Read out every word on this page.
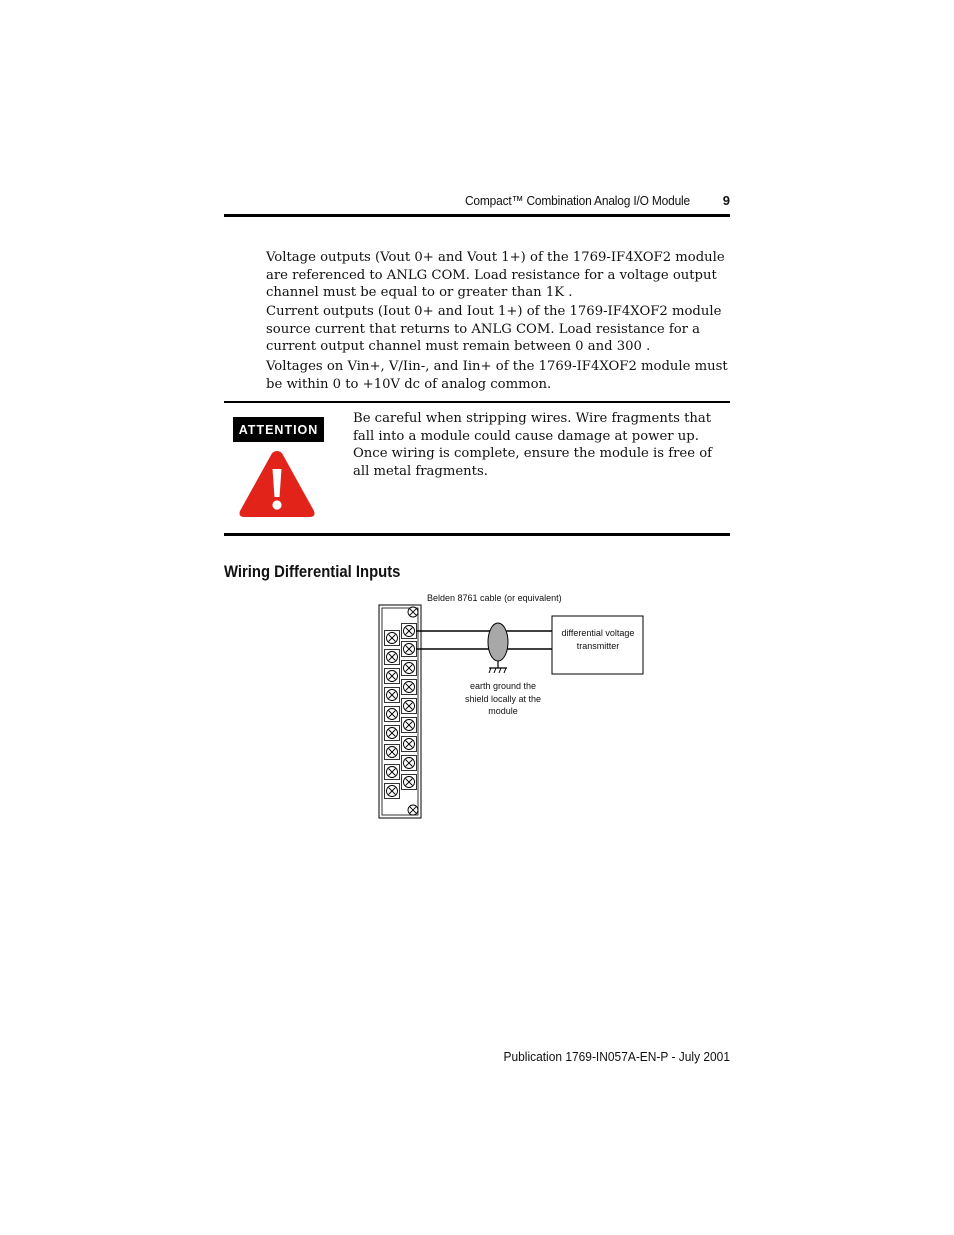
Compact™ Combination Analog I/O Module	9

Voltage outputs (Vout 0+ and Vout 1+) of the 1769-IF4XOF2 module are referenced to ANLG COM. Load resistance for a voltage output channel must be equal to or greater than 1K .

Current outputs (Iout 0+ and Iout 1+) of the 1769-IF4XOF2 module source current that returns to ANLG COM. Load resistance for a current output channel must remain between 0 and 300 .

Voltages on Vin+, V/Iin-, and Iin+ of the 1769-IF4XOF2 module must be within 0 to +10V dc of analog common.

ATTENTION

Be careful when stripping wires. Wire fragments that fall into a module could cause damage at power up. Once wiring is complete, ensure the module is free of all metal fragments.

Wiring Differential Inputs
Belden 8761 cable (or equivalent)
earth ground the
shield locally at the
module
differential voltage
transmitter
Publication 1769-IN057A-EN-P - July 2001
